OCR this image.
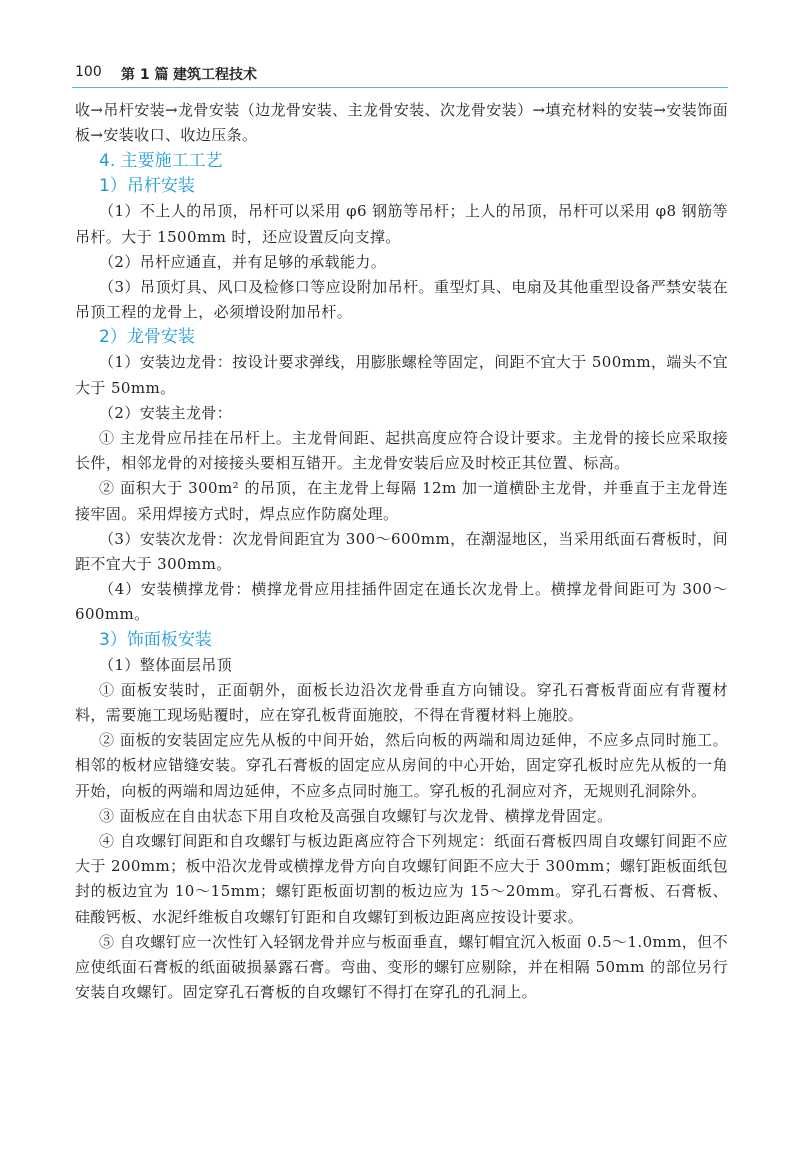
100 第 1 篇 建筑工程技术

收→吊杆安装→龙骨安装（边龙骨安装、主龙骨安装、次龙骨安装）→填充材料的安装→安装饰面板→安装收口、收边压条。

4. 主要施工工艺
1）吊杆安装

（1）不上人的吊顶，吊杆可以采用 φ6 钢筋等吊杆；上人的吊顶，吊杆可以采用 φ8 钢筋等吊杆。大于 1500mm 时，还应设置反向支撑。

（2）吊杆应通直，并有足够的承载能力。

（3）吊顶灯具、风口及检修口等应设附加吊杆。重型灯具、电扇及其他重型设备严禁安装在吊顶工程的龙骨上，必须增设附加吊杆。

2）龙骨安装

（1）安装边龙骨：按设计要求弹线，用膨胀螺栓等固定，间距不宜大于 500mm，端头不宜大于 50mm。

（2）安装主龙骨：

① 主龙骨应吊挂在吊杆上。主龙骨间距、起拱高度应符合设计要求。主龙骨的接长应采取接长件，相邻龙骨的对接接头要相互错开。主龙骨安装后应及时校正其位置、标高。

② 面积大于 300m² 的吊顶，在主龙骨上每隔 12m 加一道横卧主龙骨，并垂直于主龙骨连接牢固。采用焊接方式时，焊点应作防腐处理。

（3）安装次龙骨：次龙骨间距宜为 300～600mm，在潮湿地区，当采用纸面石膏板时，间距不宜大于 300mm。

（4）安装横撑龙骨：横撑龙骨应用挂插件固定在通长次龙骨上。横撑龙骨间距可为 300～600mm。

3）饰面板安装

（1）整体面层吊顶

① 面板安装时，正面朝外，面板长边沿次龙骨垂直方向铺设。穿孔石膏板背面应有背覆材料，需要施工现场贴覆时，应在穿孔板背面施胶，不得在背覆材料上施胶。

② 面板的安装固定应先从板的中间开始，然后向板的两端和周边延伸，不应多点同时施工。相邻的板材应错缝安装。穿孔石膏板的固定应从房间的中心开始，固定穿孔板时应先从板的一角开始，向板的两端和周边延伸，不应多点同时施工。穿孔板的孔洞应对齐，无规则孔洞除外。

③ 面板应在自由状态下用自攻枪及高强自攻螺钉与次龙骨、横撑龙骨固定。

④ 自攻螺钉间距和自攻螺钉与板边距离应符合下列规定：纸面石膏板四周自攻螺钉间距不应大于 200mm；板中沿次龙骨或横撑龙骨方向自攻螺钉间距不应大于 300mm；螺钉距板面纸包封的板边宜为 10～15mm；螺钉距板面切割的板边应为 15～20mm。穿孔石膏板、石膏板、硅酸钙板、水泥纤维板自攻螺钉钉距和自攻螺钉到板边距离应按设计要求。

⑤ 自攻螺钉应一次性钉入轻钢龙骨并应与板面垂直，螺钉帽宜沉入板面 0.5～1.0mm，但不应使纸面石膏板的纸面破损暴露石膏。弯曲、变形的螺钉应剔除，并在相隔 50mm 的部位另行安装自攻螺钉。固定穿孔石膏板的自攻螺钉不得打在穿孔的孔洞上。
